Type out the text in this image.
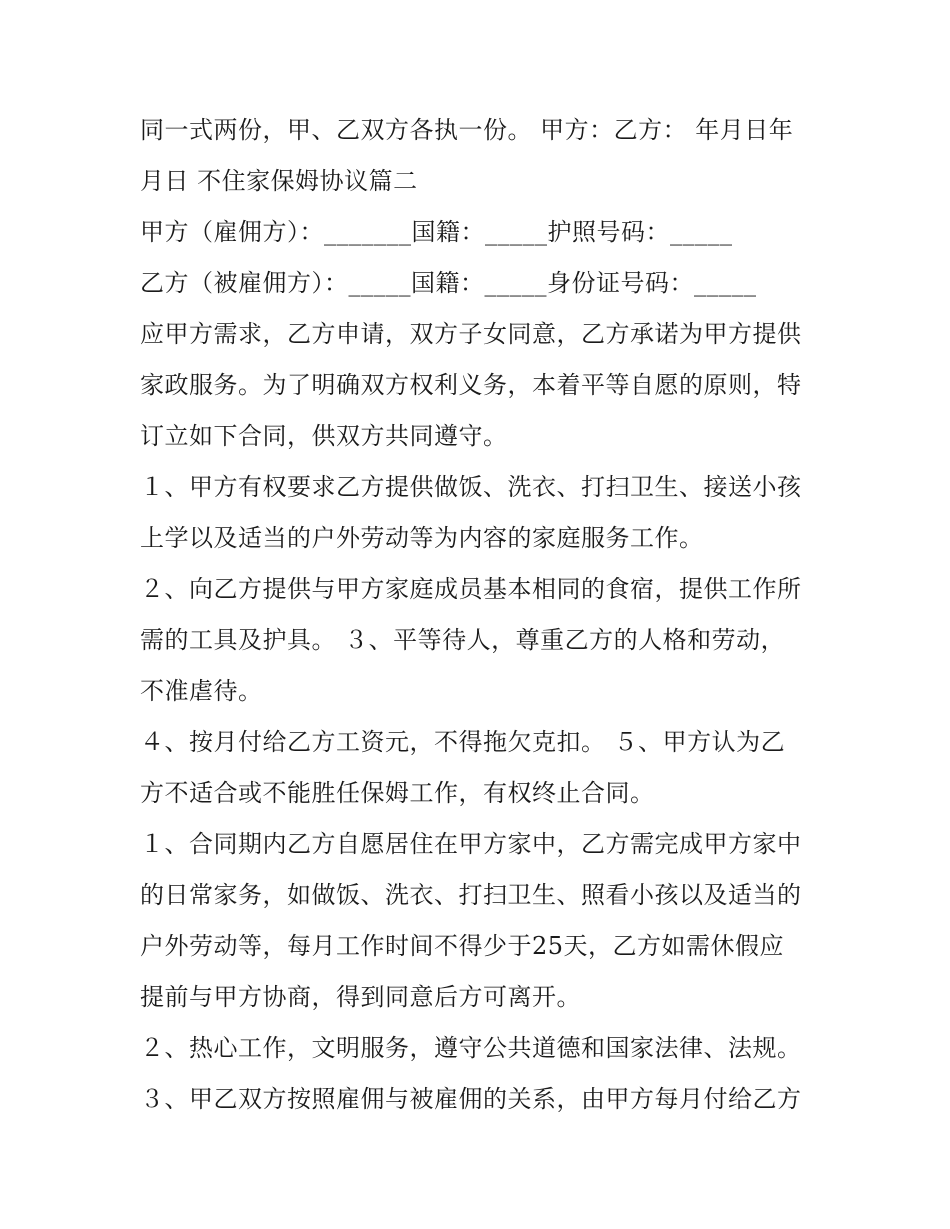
同一式两份，甲、乙双方各执一份。 甲方：乙方： 年月日年
月日 不住家保姆协议篇二
甲方（雇佣方）：_______国籍：_____护照号码：_____
乙方（被雇佣方）：_____国籍：_____身份证号码：_____
应甲方需求，乙方申请，双方子女同意，乙方承诺为甲方提供
家政服务。为了明确双方权利义务，本着平等自愿的原则，特
订立如下合同，供双方共同遵守。
１、甲方有权要求乙方提供做饭、洗衣、打扫卫生、接送小孩
上学以及适当的户外劳动等为内容的家庭服务工作。
２、向乙方提供与甲方家庭成员基本相同的食宿，提供工作所
需的工具及护具。 ３、平等待人，尊重乙方的人格和劳动，
不准虐待。
４、按月付给乙方工资元，不得拖欠克扣。 ５、甲方认为乙
方不适合或不能胜任保姆工作，有权终止合同。
１、合同期内乙方自愿居住在甲方家中，乙方需完成甲方家中
的日常家务，如做饭、洗衣、打扫卫生、照看小孩以及适当的
户外劳动等，每月工作时间不得少于25天，乙方如需休假应
提前与甲方协商，得到同意后方可离开。
２、热心工作，文明服务，遵守公共道德和国家法律、法规。
３、甲乙双方按照雇佣与被雇佣的关系，由甲方每月付给乙方
